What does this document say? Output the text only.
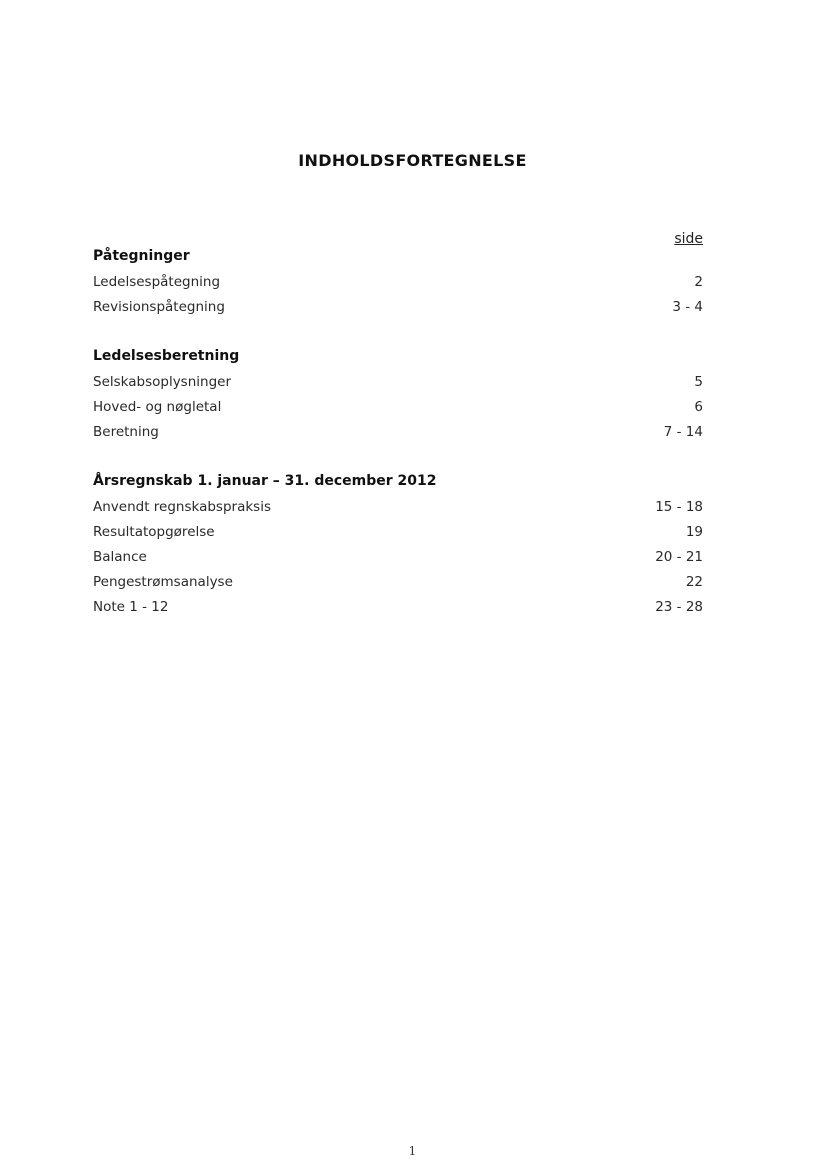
INDHOLDSFORTEGNELSE
side
Påtegninger
Ledelsespåtegning	2
Revisionspåtegning	3 - 4
Ledelsesberetning
Selskabsoplysninger	5
Hoved- og nøgletal	6
Beretning	7 - 14
Årsregnskab 1. januar – 31. december 2012
Anvendt regnskabspraksis	15 - 18
Resultatopgørelse	19
Balance	20 - 21
Pengestrømsanalyse	22
Note 1 - 12	23 - 28
1
